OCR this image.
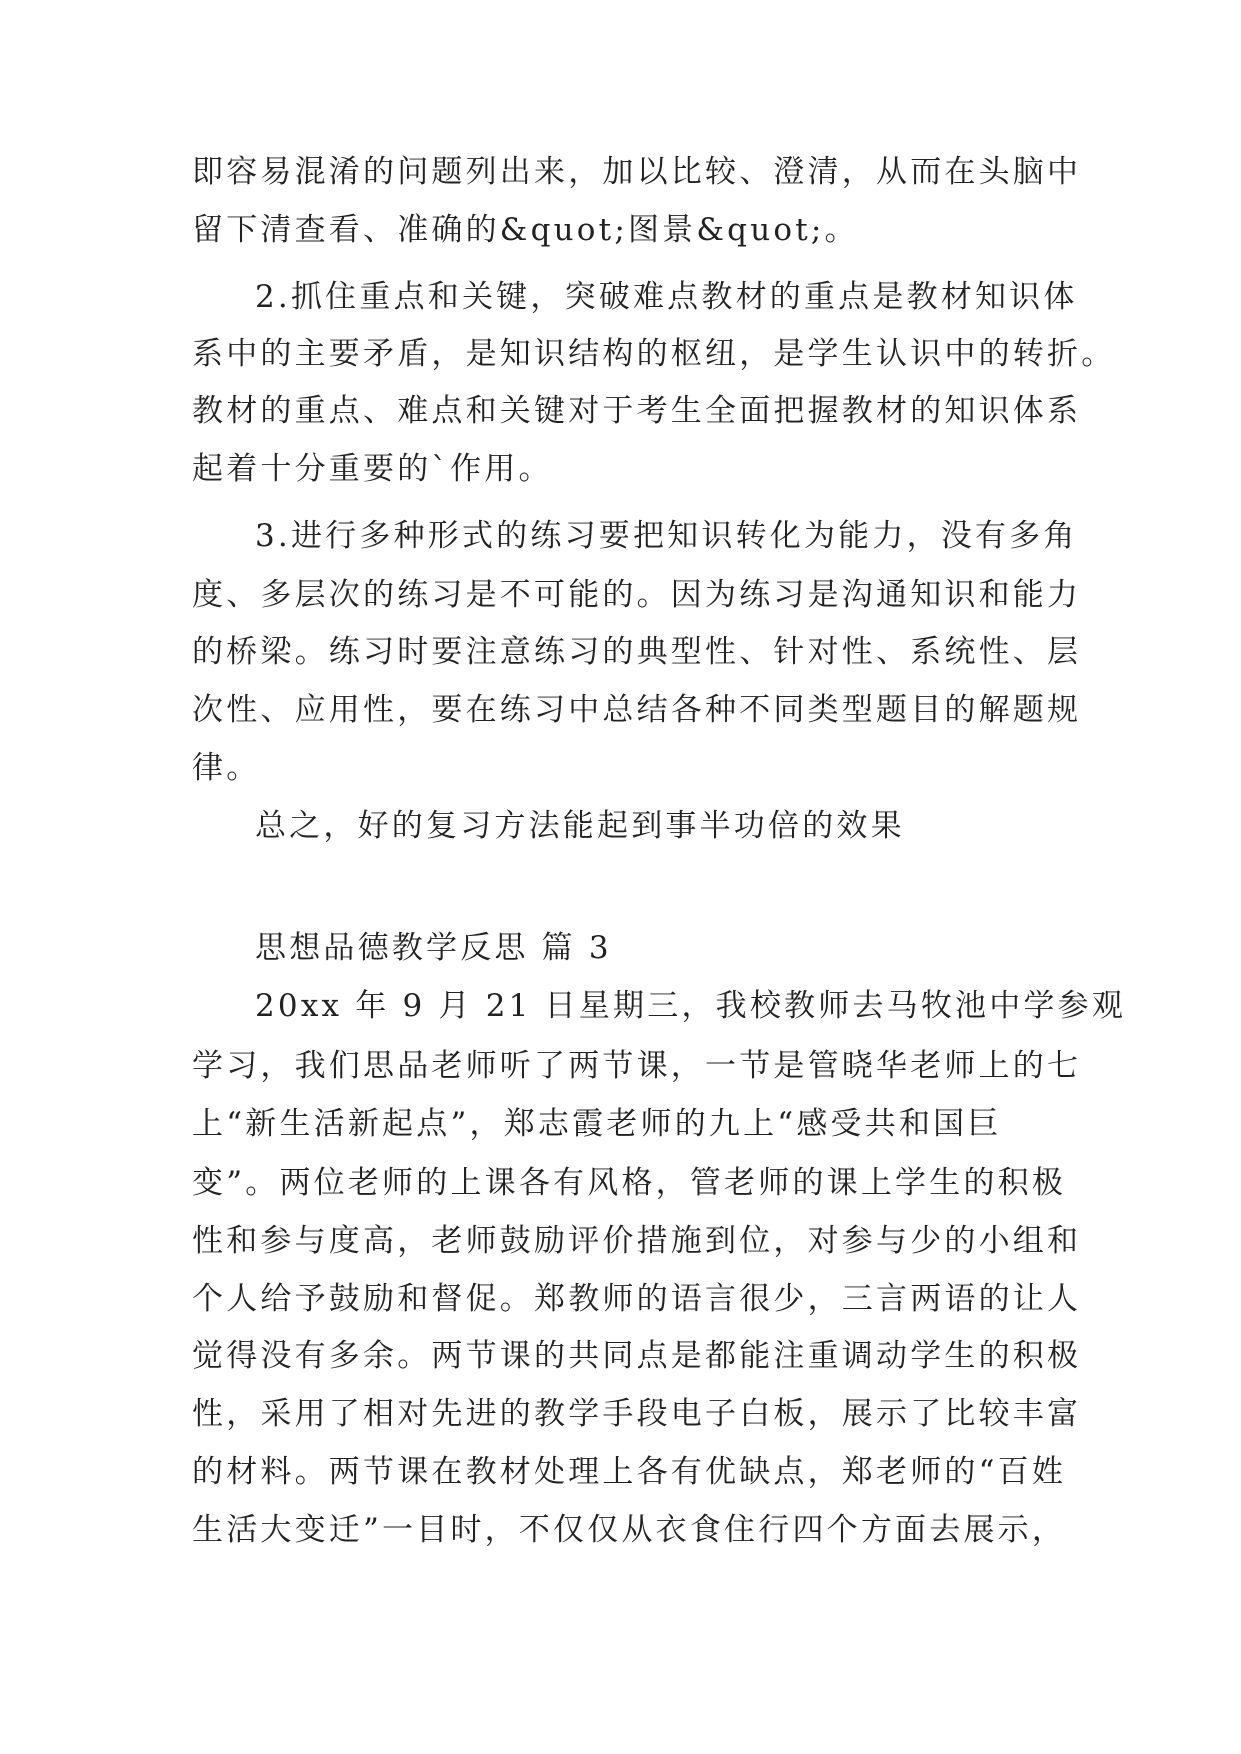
即容易混淆的问题列出来，加以比较、澄清，从而在头脑中
留下清查看、准确的&quot;图景&quot;。
2.抓住重点和关键，突破难点教材的重点是教材知识体
系中的主要矛盾，是知识结构的枢纽，是学生认识中的转折。
教材的重点、难点和关键对于考生全面把握教材的知识体系
起着十分重要的`作用。
3.进行多种形式的练习要把知识转化为能力，没有多角
度、多层次的练习是不可能的。因为练习是沟通知识和能力
的桥梁。练习时要注意练习的典型性、针对性、系统性、层
次性、应用性，要在练习中总结各种不同类型题目的解题规
律。
总之，好的复习方法能起到事半功倍的效果
思想品德教学反思 篇 3
20xx 年 9 月 21 日星期三，我校教师去马牧池中学参观
学习，我们思品老师听了两节课，一节是管晓华老师上的七
上“新生活新起点”，郑志霞老师的九上“感受共和国巨
变”。两位老师的上课各有风格，管老师的课上学生的积极
性和参与度高，老师鼓励评价措施到位，对参与少的小组和
个人给予鼓励和督促。郑教师的语言很少，三言两语的让人
觉得没有多余。两节课的共同点是都能注重调动学生的积极
性，采用了相对先进的教学手段电子白板，展示了比较丰富
的材料。两节课在教材处理上各有优缺点，郑老师的“百姓
生活大变迁”一目时，不仅仅从衣食住行四个方面去展示，
